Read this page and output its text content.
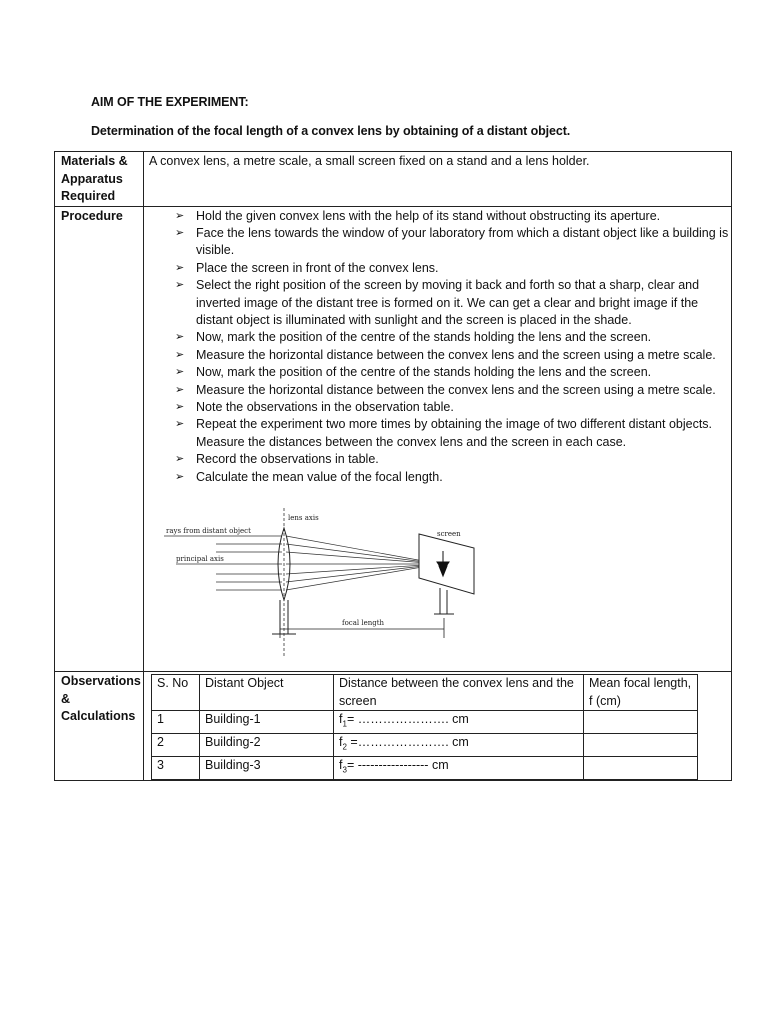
AIM OF THE EXPERIMENT:
Determination of the focal length of a convex lens by obtaining of a distant object.
Materials & Apparatus Required	A convex lens, a metre scale, a small screen fixed on a stand and a lens holder.
Procedure	➢ Hold the given convex lens with the help of its stand without obstructing its aperture.
➢ Face the lens towards the window of your laboratory from which a distant object like a building is visible.
➢ Place the screen in front of the convex lens.
➢ Select the right position of the screen by moving it back and forth so that a sharp, clear and inverted image of the distant tree is formed on it. We can get a clear and bright image if the distant object is illuminated with sunlight and the screen is placed in the shade.
➢ Now, mark the position of the centre of the stands holding the lens and the screen.
➢ Measure the horizontal distance between the convex lens and the screen using a metre scale.
➢ Now, mark the position of the centre of the stands holding the lens and the screen.
➢ Measure the horizontal distance between the convex lens and the screen using a metre scale.
➢ Note the observations in the observation table.
➢ Repeat the experiment two more times by obtaining the image of two different distant objects. Measure the distances between the convex lens and the screen in each case.
➢ Record the observations in table.
➢ Calculate the mean value of the focal length.
lens axis
rays from distant object
principal axis
screen
focal length

Observations & Calculations	
S. No	Distant Object	Distance between the convex lens and the screen	Mean focal length, f (cm)
1	Building-1	$f_1=$ …………………. cm	
2	Building-2	$f_2$ =…………………. cm	
3	Building-3	$f_3=$ ----------------- cm	
